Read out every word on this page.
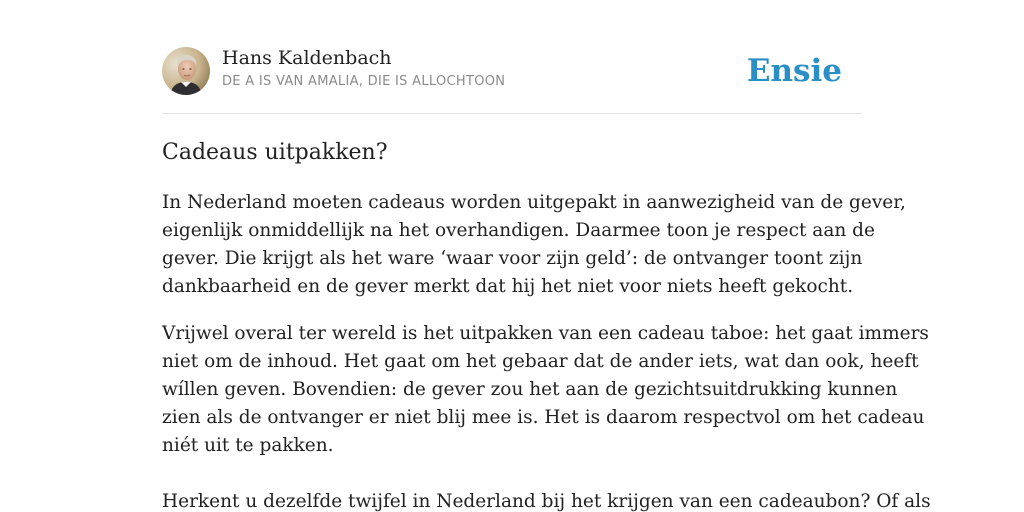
Hans Kaldenbach
DE A IS VAN AMALIA, DIE IS ALLOCHTOON	Ensie
Cadeaus uitpakken?

In Nederland moeten cadeaus worden uitgepakt in aanwezigheid van de gever,
eigenlijk onmiddellijk na het overhandigen. Daarmee toon je respect aan de
gever. Die krijgt als het ware ‘waar voor zijn geld’: de ontvanger toont zijn
dankbaarheid en de gever merkt dat hij het niet voor niets heeft gekocht.

Vrijwel overal ter wereld is het uitpakken van een cadeau taboe: het gaat immers
niet om de inhoud. Het gaat om het gebaar dat de ander iets, wat dan ook, heeft
wíllen geven. Bovendien: de gever zou het aan de gezichtsuitdrukking kunnen
zien als de ontvanger er niet blij mee is. Het is daarom respectvol om het cadeau
niét uit te pakken.

Herkent u dezelfde twijfel in Nederland bij het krijgen van een cadeaubon? Of als
